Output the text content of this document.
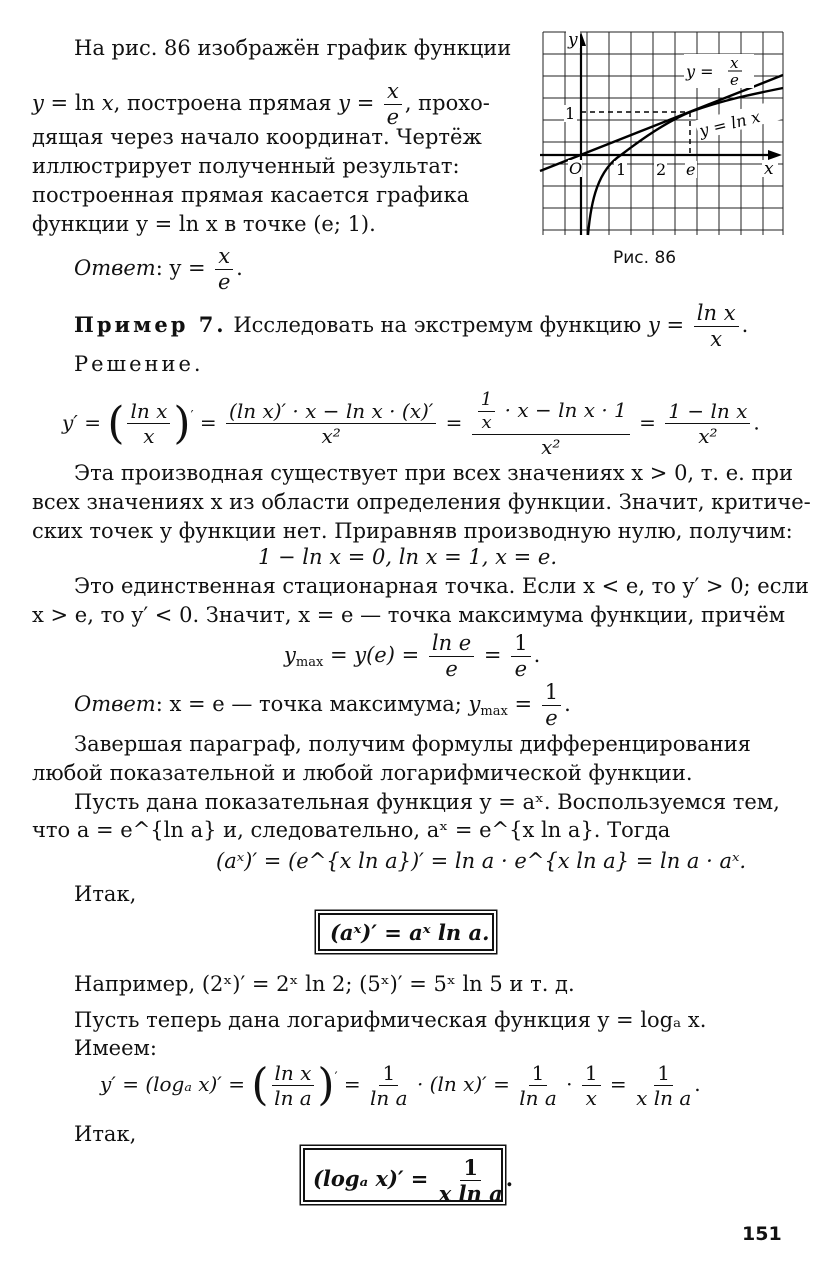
На рис. 86 изображён график функции
y = ln x, построена прямая $y = \frac{x}{e}$ , прохо-
дящая через начало координат. Чертёж
иллюстрирует полученный результат:
построенная прямая касается графика
функции y = ln x в точке (e; 1).
Ответ: $y = \frac{x}{e}$ .
y
x
O 1 2 e
1
y = x
e
y = ln x
Рис. 86
Пример 7. Исследовать на экстремум функцию $y = \frac{\text{ln x}}{x}$ .
Решение.
y′ = ( $\frac{\text{ln x}}{x} )' = \frac{\text{(ln x)′ · x − ln x · (x)′}}{\text{x²}} = \frac{\frac{1}{x} \cdot x - \ln x \cdot 1}{\text{x²}} = \frac{\text{1 − ln x}}{\text{x²}}$ .
Эта производная существует при всех значениях x > 0, т. е. при
всех значениях x из области определения функции. Значит, критиче-
ских точек у функции нет. Приравняв производную нулю, получим:
1 − ln x = 0, ln x = 1, x = e.
Это единственная стационарная точка. Если x < e, то y′ > 0; если
x > e, то y′ < 0. Значит, x = e — точка максимума функции, причём
$y_{max} = y(e) = \frac{\text{ln e}}{e} = \frac{1}{e}$ .
Ответ: x = e — точка максимума; $y_{max} = \frac{1}{e}$ .
Завершая параграф, получим формулы дифференцирования
любой показательной и любой логарифмической функции.
Пусть дана показательная функция y = aˣ. Воспользуемся тем,
что a = e^{ln a} и, следовательно, aˣ = e^{x ln a}. Тогда
(aˣ)′ = (e^{x ln a})′ = ln a · e^{x ln a} = ln a · aˣ.
Итак,
(aˣ)′ = aˣ ln a.
Например, (2ˣ)′ = 2ˣ ln 2; (5ˣ)′ = 5ˣ ln 5 и т. д.
Пусть теперь дана логарифмическая функция y = logₐ x.
Имеем:
y′ = (logₐ x)′ = ( $\frac{\text{ln x}}{\text{ln a}} )' = \frac{1}{\text{ln a}} \cdot (\ln$ $x)' = \frac{1}{\text{ln a}} \cdot \frac{1}{x} = \frac{1}{\text{x ln a}}$ .
Итак,
(logₐ $x)' = \frac{1}{\text{x ln a}}$ .
151
